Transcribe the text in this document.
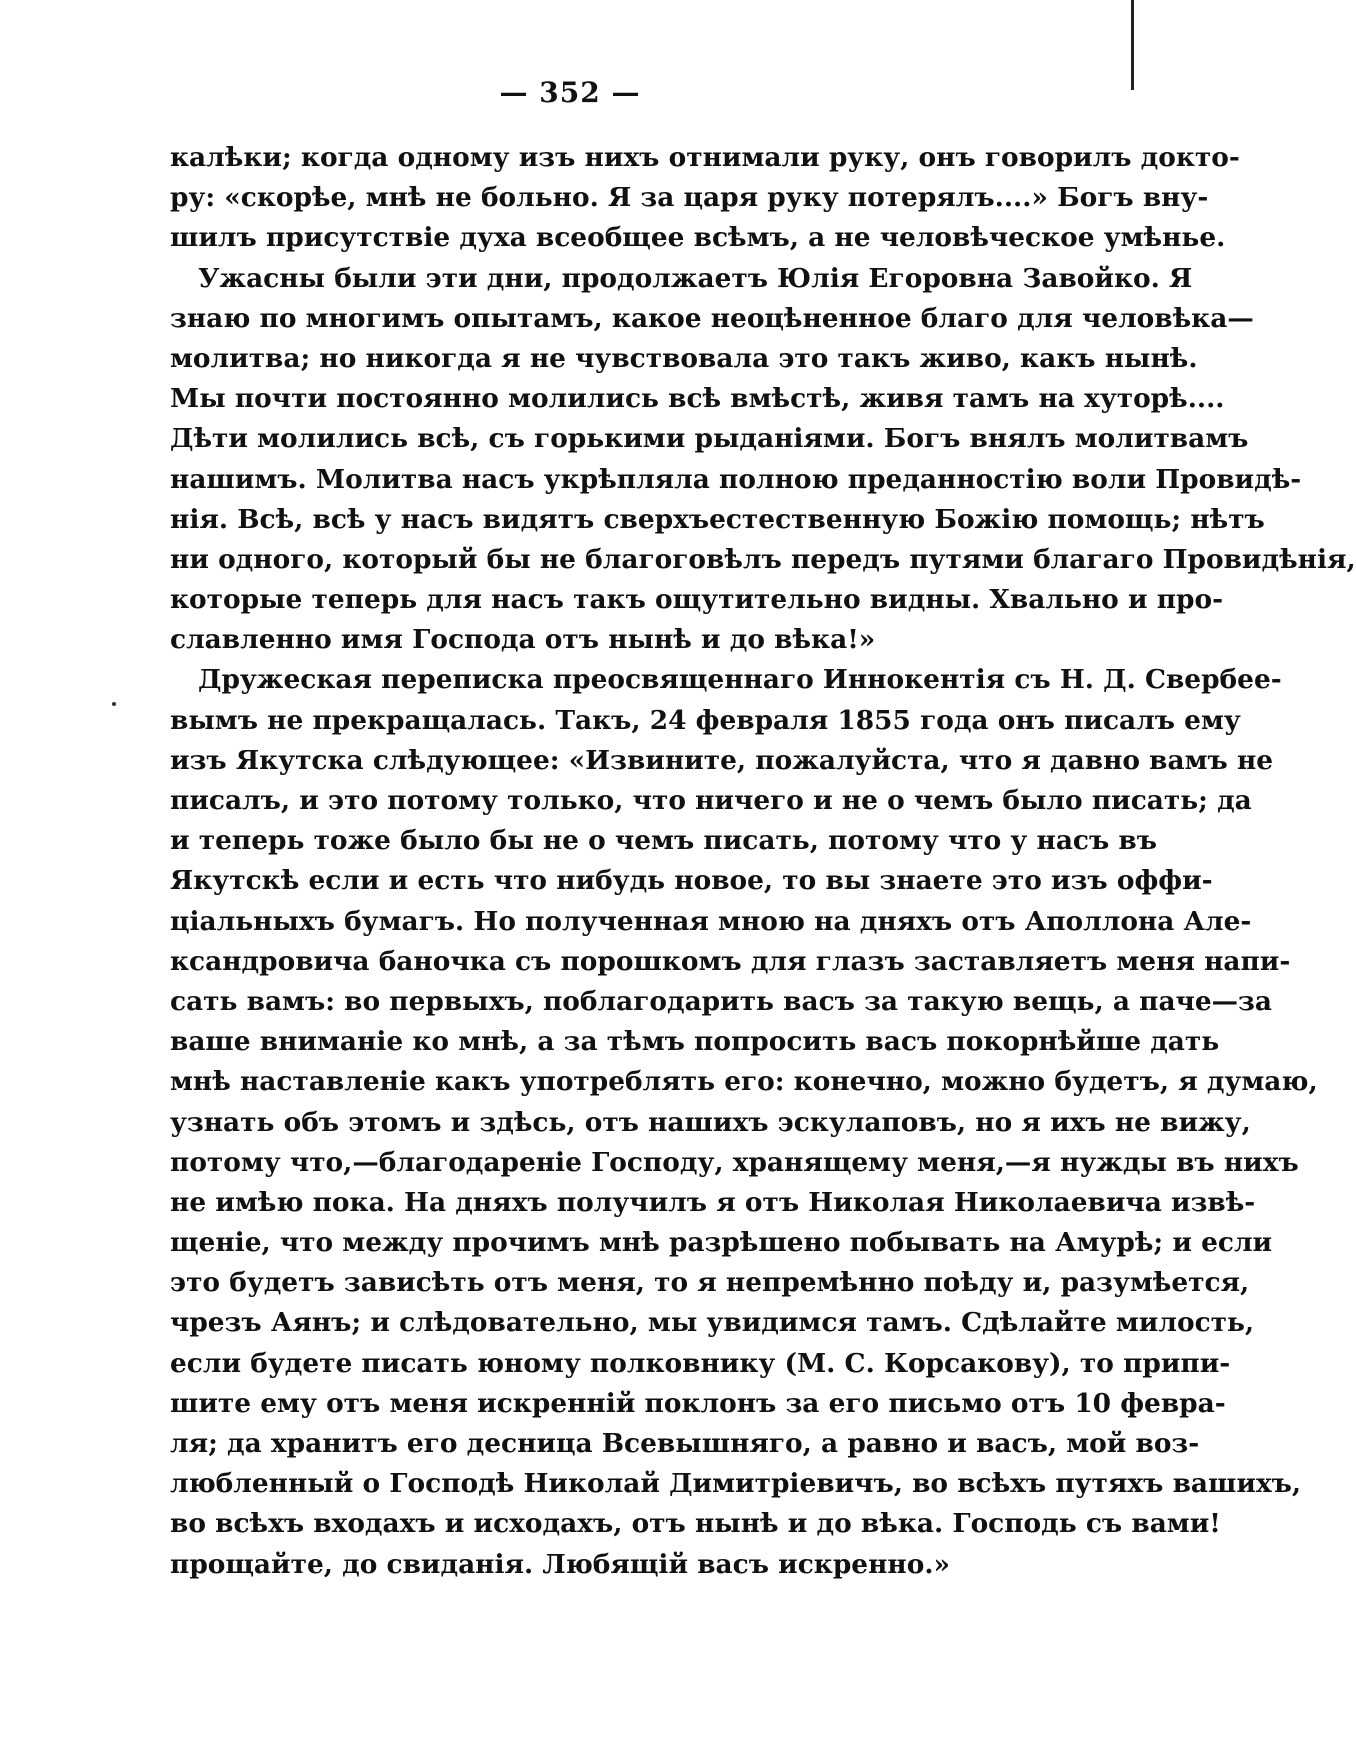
— 352 —
калѣки; когда одному изъ нихъ отнимали руку, онъ говорилъ докто-
ру: «скорѣе, мнѣ не больно. Я за царя руку потерялъ....» Богъ вну-
шилъ присутствіе духа всеобщее всѣмъ, а не человѣческое умѣнье.
Ужасны были эти дни, продолжаетъ Юлія Егоровна Завойко. Я
знаю по многимъ опытамъ, какое неоцѣненное благо для человѣка—
молитва; но никогда я не чувствовала это такъ живо, какъ нынѣ.
Мы почти постоянно молились всѣ вмѣстѣ, живя тамъ на хуторѣ....
Дѣти молились всѣ, съ горькими рыданіями. Богъ внялъ молитвамъ
нашимъ. Молитва насъ укрѣпляла полною преданностію воли Провидѣ-
нія. Всѣ, всѣ у насъ видятъ сверхъестественную Божію помощь; нѣтъ
ни одного, который бы не благоговѣлъ передъ путями благаго Провидѣнія,
которые теперь для насъ такъ ощутительно видны. Хвально и про-
славленно имя Господа отъ нынѣ и до вѣка!»
Дружеская переписка преосвященнаго Иннокентія съ Н. Д. Свербее-
вымъ не прекращалась. Такъ, 24 февраля 1855 года онъ писалъ ему
изъ Якутска слѣдующее: «Извините, пожалуйста, что я давно вамъ не
писалъ, и это потому только, что ничего и не о чемъ было писать; да
и теперь тоже было бы не о чемъ писать, потому что у насъ въ
Якутскѣ если и есть что нибудь новое, то вы знаете это изъ оффи-
ціальныхъ бумагъ. Но полученная мною на дняхъ отъ Аполлона Але-
ксандровича баночка съ порошкомъ для глазъ заставляетъ меня напи-
сать вамъ: во первыхъ, поблагодарить васъ за такую вещь, а паче—за
ваше вниманіе ко мнѣ, а за тѣмъ попросить васъ покорнѣйше дать
мнѣ наставленіе какъ употреблять его: конечно, можно будетъ, я думаю,
узнать объ этомъ и здѣсь, отъ нашихъ эскулаповъ, но я ихъ не вижу,
потому что,—благодареніе Господу, хранящему меня,—я нужды въ нихъ
не имѣю пока. На дняхъ получилъ я отъ Николая Николаевича извѣ-
щеніе, что между прочимъ мнѣ разрѣшено побывать на Амурѣ; и если
это будетъ зависѣть отъ меня, то я непремѣнно поѣду и, разумѣется,
чрезъ Аянъ; и слѣдовательно, мы увидимся тамъ. Сдѣлайте милость,
если будете писать юному полковнику (М. С. Корсакову), то припи-
шите ему отъ меня искренній поклонъ за его письмо отъ 10 февра-
ля; да хранитъ его десница Всевышняго, а равно и васъ, мой воз-
любленный о Господѣ Николай Димитріевичъ, во всѣхъ путяхъ вашихъ,
во всѣхъ входахъ и исходахъ, отъ нынѣ и до вѣка. Господь съ вами!
прощайте, до свиданія. Любящій васъ искренно.»
